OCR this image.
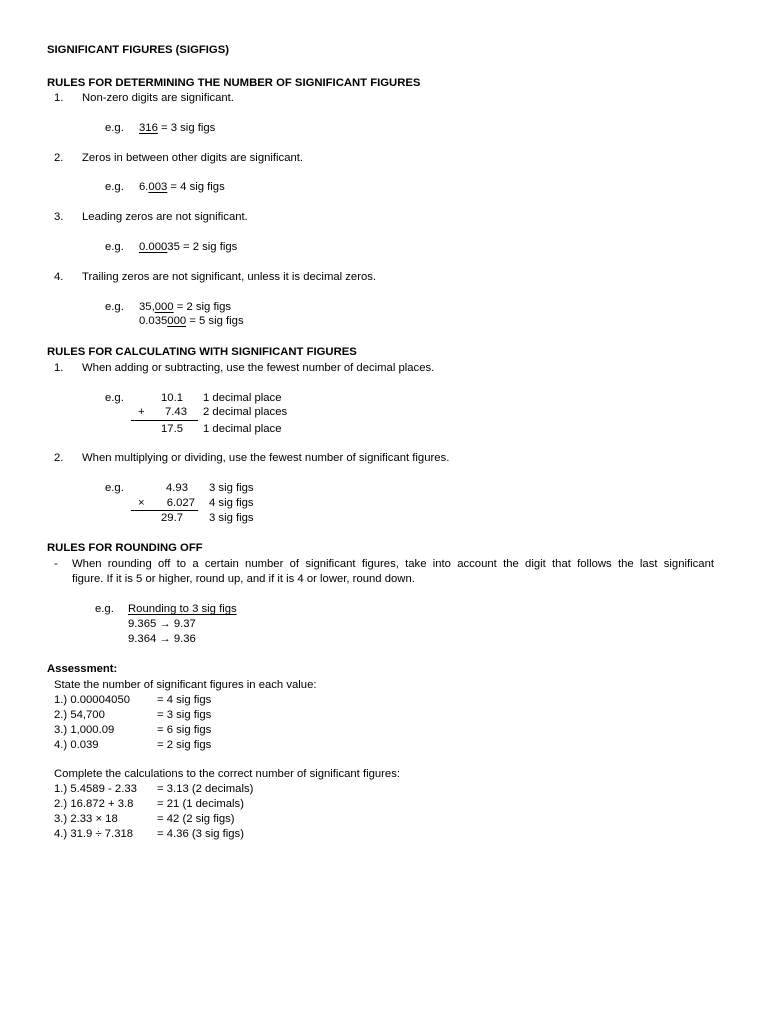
SIGNIFICANT FIGURES (SIGFIGS)
RULES FOR DETERMINING THE NUMBER OF SIGNIFICANT FIGURES
1. Non-zero digits are significant.
e.g. 316 = 3 sig figs
2. Zeros in between other digits are significant.
e.g. 6.003 = 4 sig figs
3. Leading zeros are not significant.
e.g. 0.00035 = 2 sig figs
4. Trailing zeros are not significant, unless it is decimal zeros.
e.g. 35,000 = 2 sig figs
0.035000 = 5 sig figs
RULES FOR CALCULATING WITH SIGNIFICANT FIGURES
1. When adding or subtracting, use the fewest number of decimal places.
e.g.	10.1 1 decimal place
+	7.43 2 decimal places
17.5 1 decimal place
2. When multiplying or dividing, use the fewest number of significant figures.
e.g.	4.93 3 sig figs
×	6.027 4 sig figs
29.7 3 sig figs
RULES FOR ROUNDING OFF
- When rounding off to a certain number of significant figures, take into account the digit that follows the last significant
figure. If it is 5 or higher, round up, and if it is 4 or lower, round down.
e.g. Rounding to 3 sig figs
9.365 → 9.37
9.364 → 9.36
Assessment:
State the number of significant figures in each value:
1.) 0.00004050 = 4 sig figs
2.) 54,700	= 3 sig figs
3.) 1,000.09	= 6 sig figs
4.) 0.039	= 2 sig figs
Complete the calculations to the correct number of significant figures:
1.) 5.4589 - 2.33 = 3.13 (2 decimals)
2.) 16.872 + 3.8 = 21 (1 decimals)
3.) 2.33 × 18	= 42 (2 sig figs)
4.) 31.9 ÷ 7.318 = 4.36 (3 sig figs)
